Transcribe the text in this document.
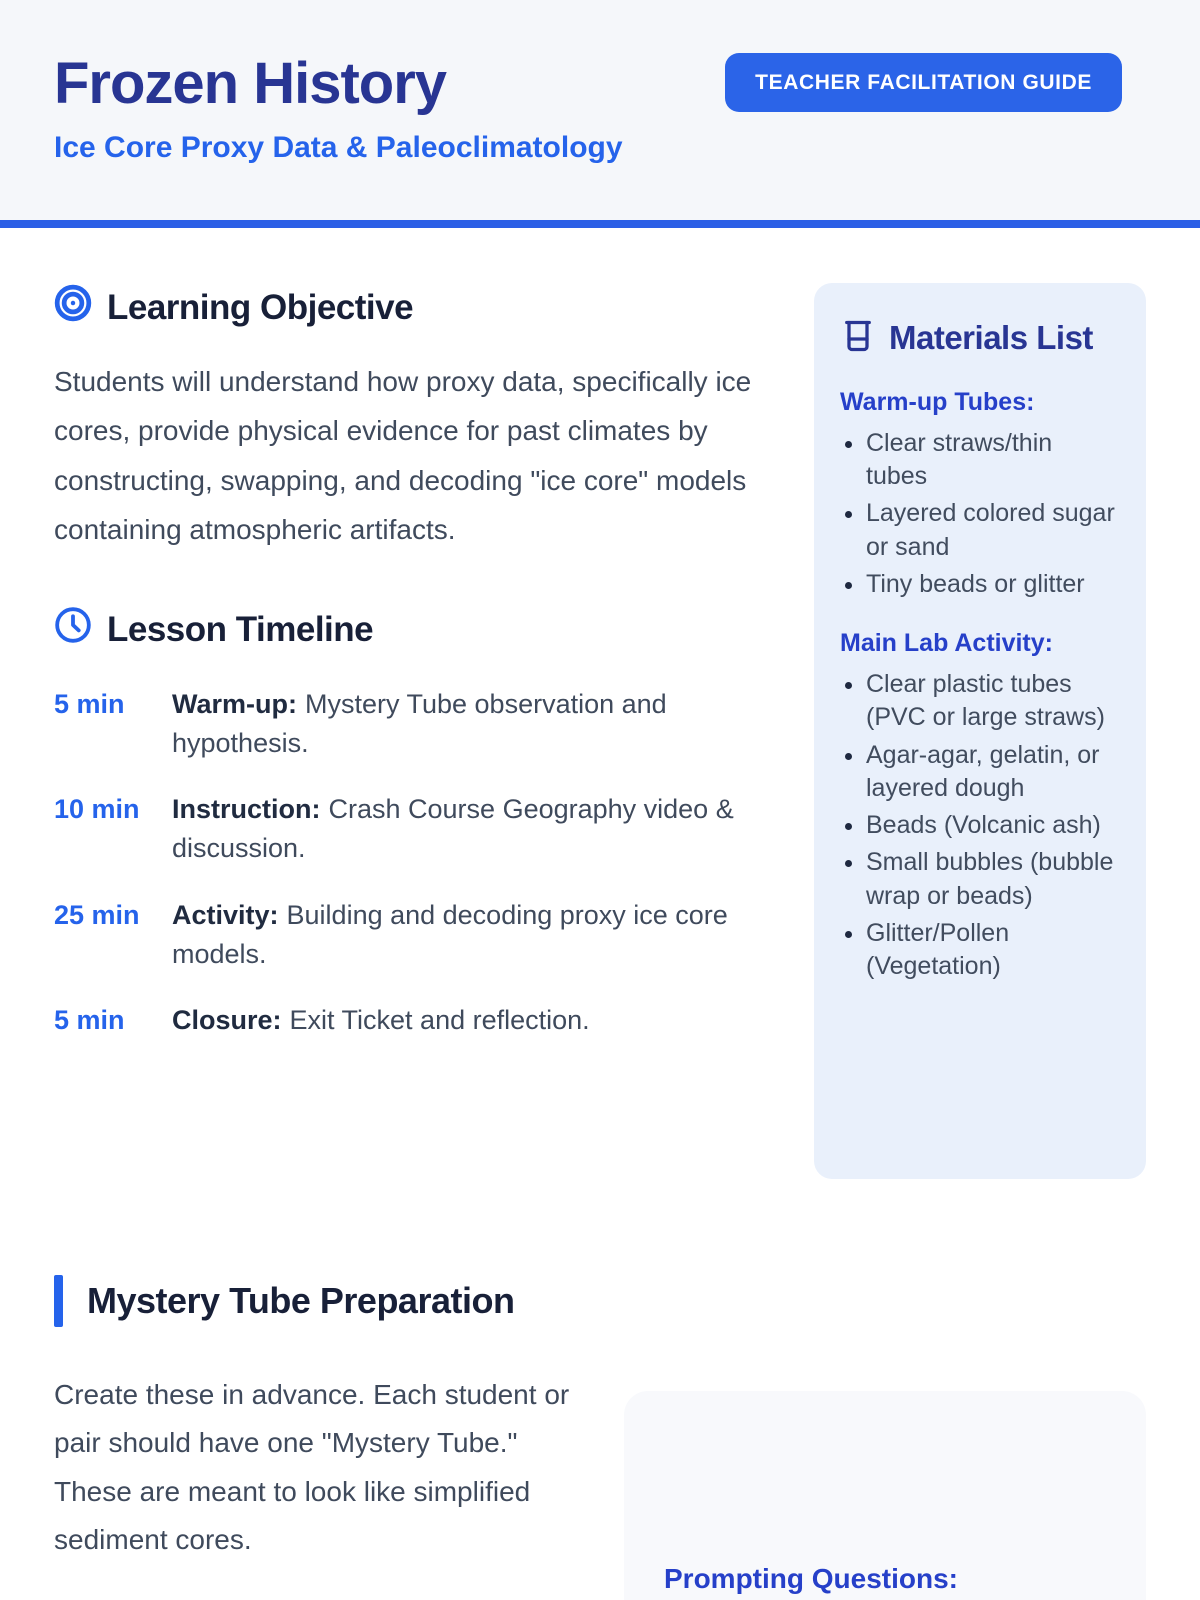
Frozen History
Ice Core Proxy Data & Paleoclimatology
TEACHER FACILITATION GUIDE
Learning Objective

Students will understand how proxy data, specifically ice cores, provide physical evidence for past climates by constructing, swapping, and decoding "ice core" models containing atmospheric artifacts.

Lesson Timeline
5 min	Warm-up: Mystery Tube observation and hypothesis.
10 min	Instruction: Crash Course Geography video & discussion.
25 min	Activity: Building and decoding proxy ice core models.
5 min	Closure: Exit Ticket and reflection.
Materials List
Warm-up Tubes:
• Clear straws/thin tubes
• Layered colored sugar or sand
• Tiny beads or glitter
Main Lab Activity:
• Clear plastic tubes (PVC or large straws)
• Agar-agar, gelatin, or layered dough
• Beads (Volcanic ash)
• Small bubbles (bubble wrap or beads)
• Glitter/Pollen (Vegetation)
Mystery Tube Preparation

Create these in advance. Each student or pair should have one "Mystery Tube." These are meant to look like simplified sediment cores.

Prompting Questions:
